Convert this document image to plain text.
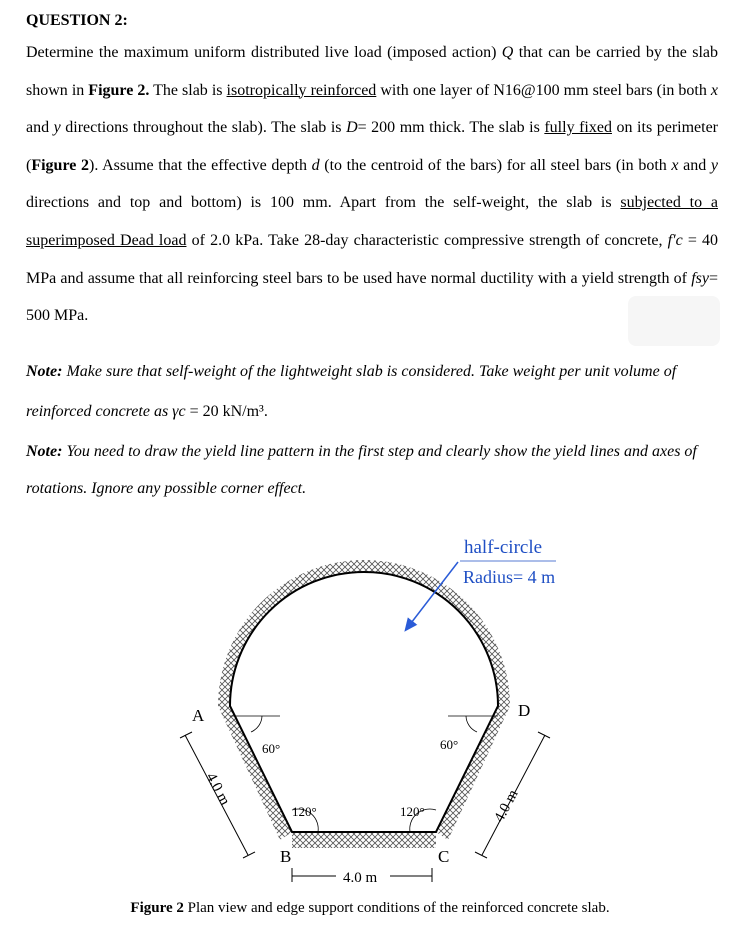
QUESTION 2:
Determine the maximum uniform distributed live load (imposed action) Q that can be carried by the slab shown in Figure 2. The slab is isotropically reinforced with one layer of N16@100 mm steel bars (in both x and y directions throughout the slab). The slab is D= 200 mm thick. The slab is fully fixed on its perimeter (Figure 2). Assume that the effective depth d (to the centroid of the bars) for all steel bars (in both x and y directions and top and bottom) is 100 mm. Apart from the self-weight, the slab is subjected to a superimposed Dead load of 2.0 kPa. Take 28-day characteristic compressive strength of concrete, f′c = 40 MPa and assume that all reinforcing steel bars to be used have normal ductility with a yield strength of fsy= 500 MPa.
Note: Make sure that self-weight of the lightweight slab is considered. Take weight per unit volume of reinforced concrete as γc = 20 kN/m³.
Note: You need to draw the yield line pattern in the first step and clearly show the yield lines and axes of rotations. Ignore any possible corner effect.
60°	60°
120°	120°
A	D
B	C
half-circle
Radius= 4 m
4.0 m	4.0 m
4.0 m
Figure 2 Plan view and edge support conditions of the reinforced concrete slab.
